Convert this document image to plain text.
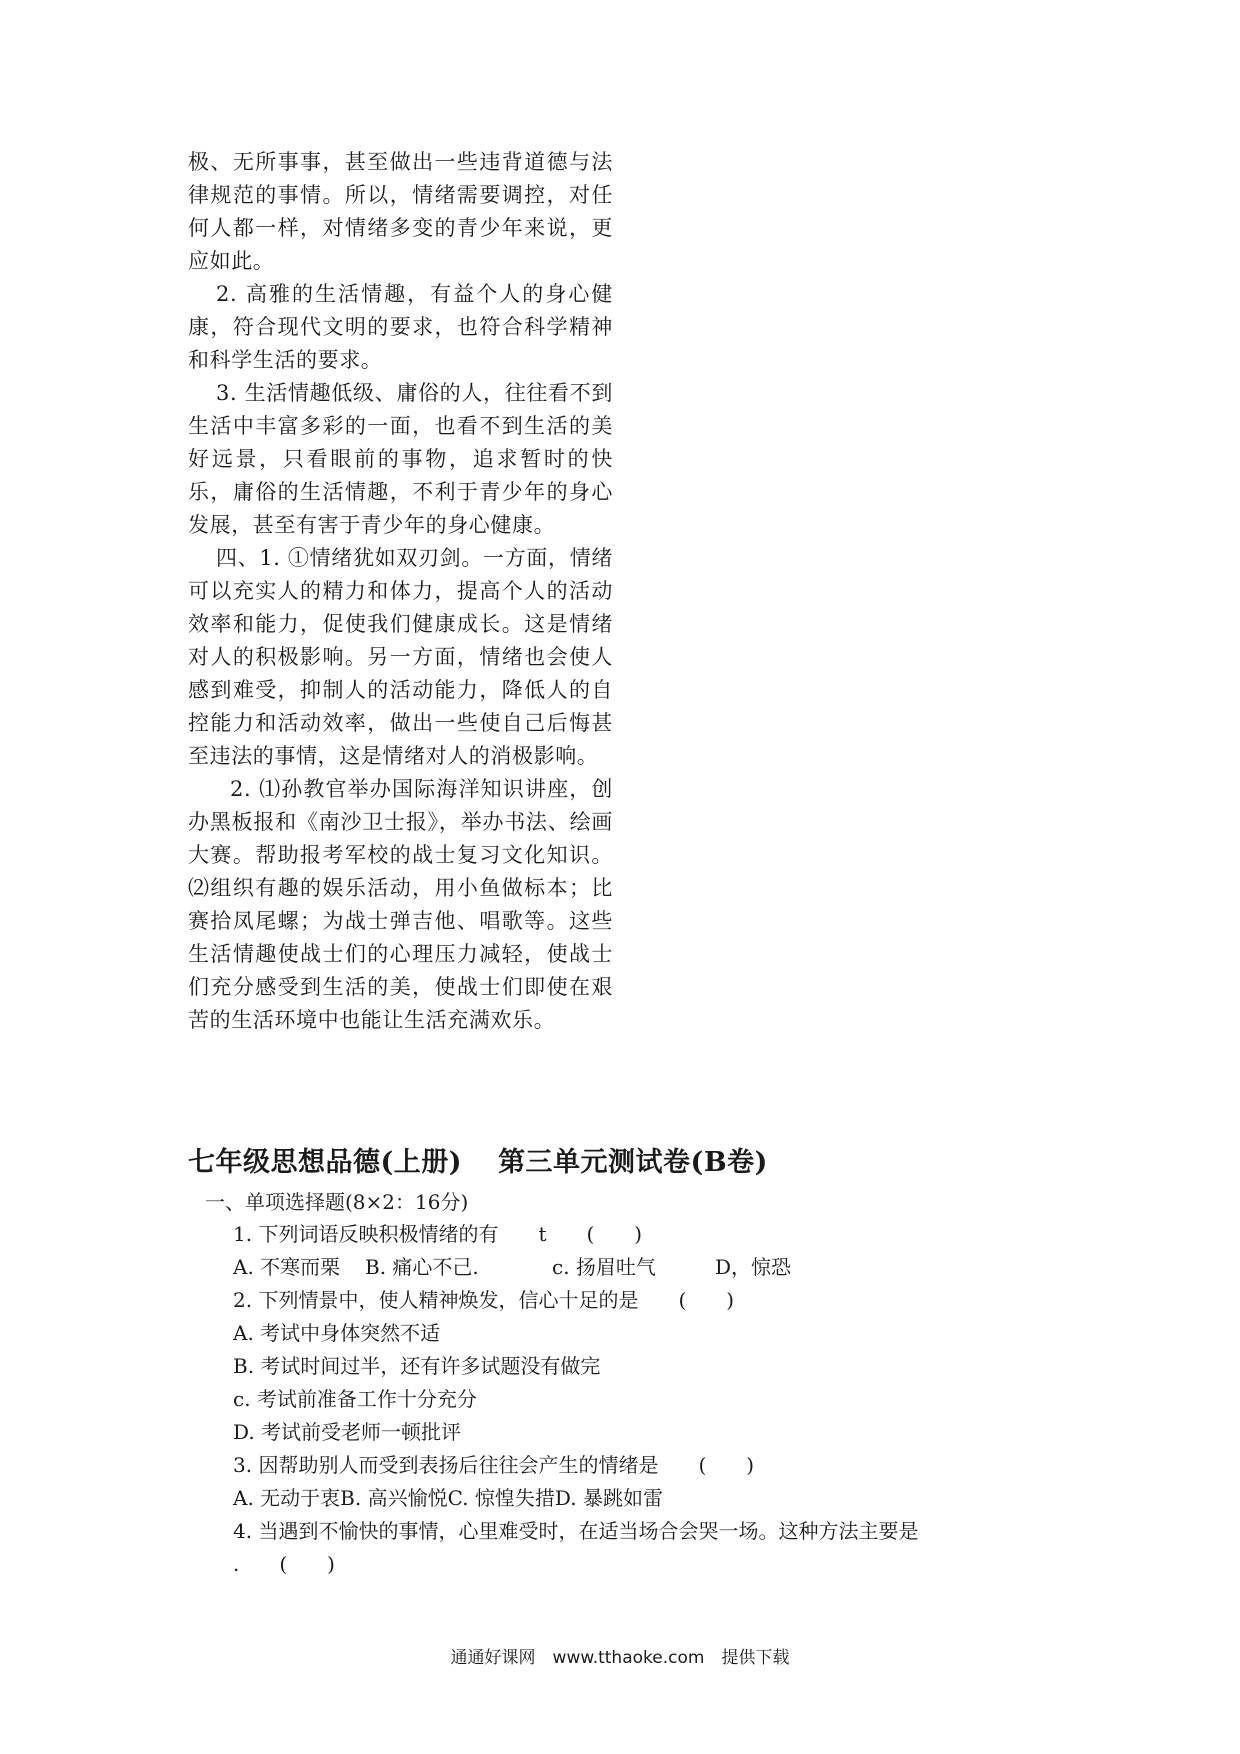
极、无所事事，甚至做出一些违背道德与法律规范的事情。所以，情绪需要调控，对任何人都一样，对情绪多变的青少年来说，更应如此。

2. 高雅的生活情趣，有益个人的身心健康，符合现代文明的要求，也符合科学精神和科学生活的要求。

3. 生活情趣低级、庸俗的人，往往看不到生活中丰富多彩的一面，也看不到生活的美好远景，只看眼前的事物，追求暂时的快乐，庸俗的生活情趣，不利于青少年的身心发展，甚至有害于青少年的身心健康。

四、1. ①情绪犹如双刃剑。一方面，情绪可以充实人的精力和体力，提高个人的活动效率和能力，促使我们健康成长。这是情绪对人的积极影响。另一方面，情绪也会使人感到难受，抑制人的活动能力，降低人的自控能力和活动效率，做出一些使自己后悔甚至违法的事情，这是情绪对人的消极影响。

2. ⑴孙教官举办国际海洋知识讲座，创办黑板报和《南沙卫士报》，举办书法、绘画大赛。帮助报考军校的战士复习文化知识。⑵组织有趣的娱乐活动，用小鱼做标本；比赛拾凤尾螺；为战士弹吉他、唱歌等。这些生活情趣使战士们的心理压力减轻，使战士们充分感受到生活的美，使战士们即使在艰苦的生活环境中也能让生活充满欢乐。

七年级思想品德(上册) 第三单元测试卷(B卷)

一、单项选择题(8×2：16分)

1. 下列词语反映积极情绪的有　　t　　(　　)
A. 不寒而栗 B. 痛心不己.	c. 扬眉吐气	D，惊恐
2. 下列情景中，使人精神焕发，信心十足的是　　(　　)
A. 考试中身体突然不适
B. 考试时间过半，还有许多试题没有做完
c. 考试前准备工作十分充分
D. 考试前受老师一顿批评
3. 因帮助别人而受到表扬后往往会产生的情绪是　　(　　)
A. 无动于衷B. 高兴愉悦C. 惊惶失措D. 暴跳如雷
4. 当遇到不愉快的事情，心里难受时，在适当场合会哭一场。这种方法主要是
.　　(　　)
通通好课网　www.tthaoke.com　提供下载
